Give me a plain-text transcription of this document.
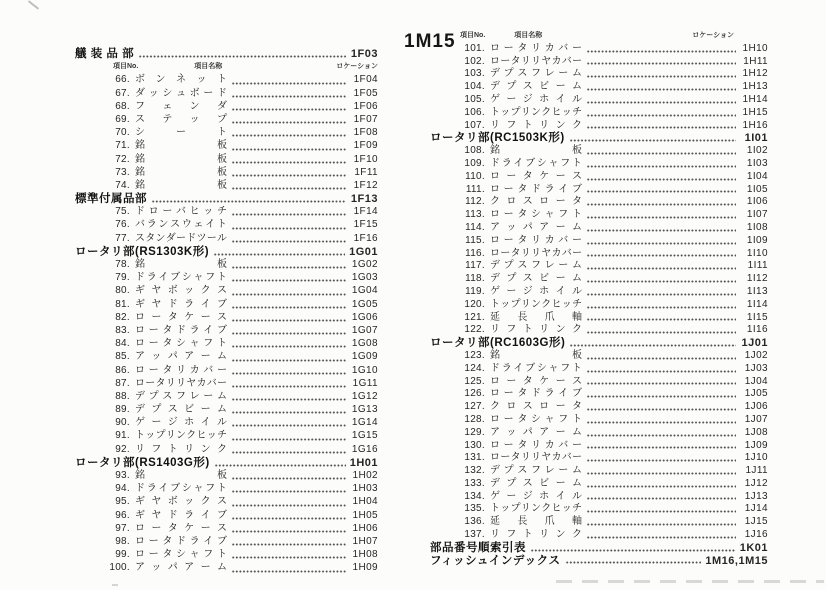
1M15
艤 装 品 部	1F03
項目No.	項目名称	ロケーション
66. ボ ン ネ ッ ト	1F04
67. ダ ッ シ ュ ボ ー ド	1F05
68. フ ェ ン ダ	1F06
69. ス テ ッ プ	1F07
70. シ	ー	ト	1F08
71. 銘	板	1F09
72. 銘	板	1F10
73. 銘	板	1F11
74. 銘	板	1F12
標準付属品部	1F13
75. ド ロ ー バ ヒ ッ チ	1F14
76. バ ラ ン ス ウ ェ イ ト	1F15
77. ス タ ン ダ ー ド ツ ー ル	1F16
ロータリ部(RS1303K形)	1G01
78. 銘	板	1G02
79. ド ラ イ ブ シ ャ フ ト	1G03
80. ギ ヤ ボ ッ ク ス	1G04
81. ギ ヤ ド ラ イ ブ	1G05
82. ロ ー タ ケ ー ス	1G06
83. ロ ー タ ド ラ イ ブ	1G07
84. ロ ー タ シ ャ フ ト	1G08
85. ア ッ パ ア ー ム	1G09
86. ロ ー タ リ カ バ ー	1G10
87. ロ ー タ リ リ ヤ カ バ ー	1G11
88. デ プ ス フ レ ー ム	1G12
89. デ プ ス ビ ー ム	1G13
90. ゲ ー ジ ホ イ ル	1G14
91. ト ッ プ リ ン ク ヒ ッ チ	1G15
92. リ フ ト リ ン ク	1G16
ロータリ部(RS1403G形)	1H01
93. 銘	板	1H02
94. ド ラ イ ブ シ ャ フ ト	1H03
95. ギ ヤ ボ ッ ク ス	1H04
96. ギ ヤ ド ラ イ ブ	1H05
97. ロ ー タ ケ ー ス	1H06
98. ロ ー タ ド ラ イ ブ	1H07
99. ロ ー タ シ ャ フ ト	1H08
100. ア ッ パ ア ー ム	1H09
項目No.	項目名称	ロケーション
101. ロ ー タ リ カ バ ー	1H10
102. ロ ー タ リ リ ヤ カ バ ー	1H11
103. デ プ ス フ レ ー ム	1H12
104. デ プ ス ビ ー ム	1H13
105. ゲ ー ジ ホ イ ル	1H14
106. ト ッ プ リ ン ク ヒ ッ チ	1H15
107. リ フ ト リ ン ク	1H16
ロータリ部(RC1503K形)	1I01
108. 銘	板	1I02
109. ド ラ イ ブ シ ャ フ ト	1I03
110. ロ ー タ ケ ー ス	1I04
111. ロ ー タ ド ラ イ ブ	1I05
112. ク ロ ス ロ ー タ	1I06
113. ロ ー タ シ ャ フ ト	1I07
114. ア ッ パ ア ー ム	1I08
115. ロ ー タ リ カ バ ー	1I09
116. ロ ー タ リ リ ヤ カ バ ー	1I10
117. デ プ ス フ レ ー ム	1I11
118. デ プ ス ビ ー ム	1I12
119. ゲ ー ジ ホ イ ル	1I13
120. ト ッ プ リ ン ク ヒ ッ チ	1I14
121. 延 長 爪 軸	1I15
122. リ フ ト リ ン ク	1I16
ロータリ部(RC1603G形)	1J01
123. 銘	板	1J02
124. ド ラ イ ブ シ ャ フ ト	1J03
125. ロ ー タ ケ ー ス	1J04
126. ロ ー タ ド ラ イ ブ	1J05
127. ク ロ ス ロ ー タ	1J06
128. ロ ー タ シ ャ フ ト	1J07
129. ア ッ パ ア ー ム	1J08
130. ロ ー タ リ カ バ ー	1J09
131. ロ ー タ リ リ ヤ カ バ ー	1J10
132. デ プ ス フ レ ー ム	1J11
133. デ プ ス ビ ー ム	1J12
134. ゲ ー ジ ホ イ ル	1J13
135. ト ッ プ リ ン ク ヒ ッ チ	1J14
136. 延 長 爪 軸	1J15
137. リ フ ト リ ン ク	1J16
部品番号順索引表	1K01
フィッシュインデックス	1M16,1M15
